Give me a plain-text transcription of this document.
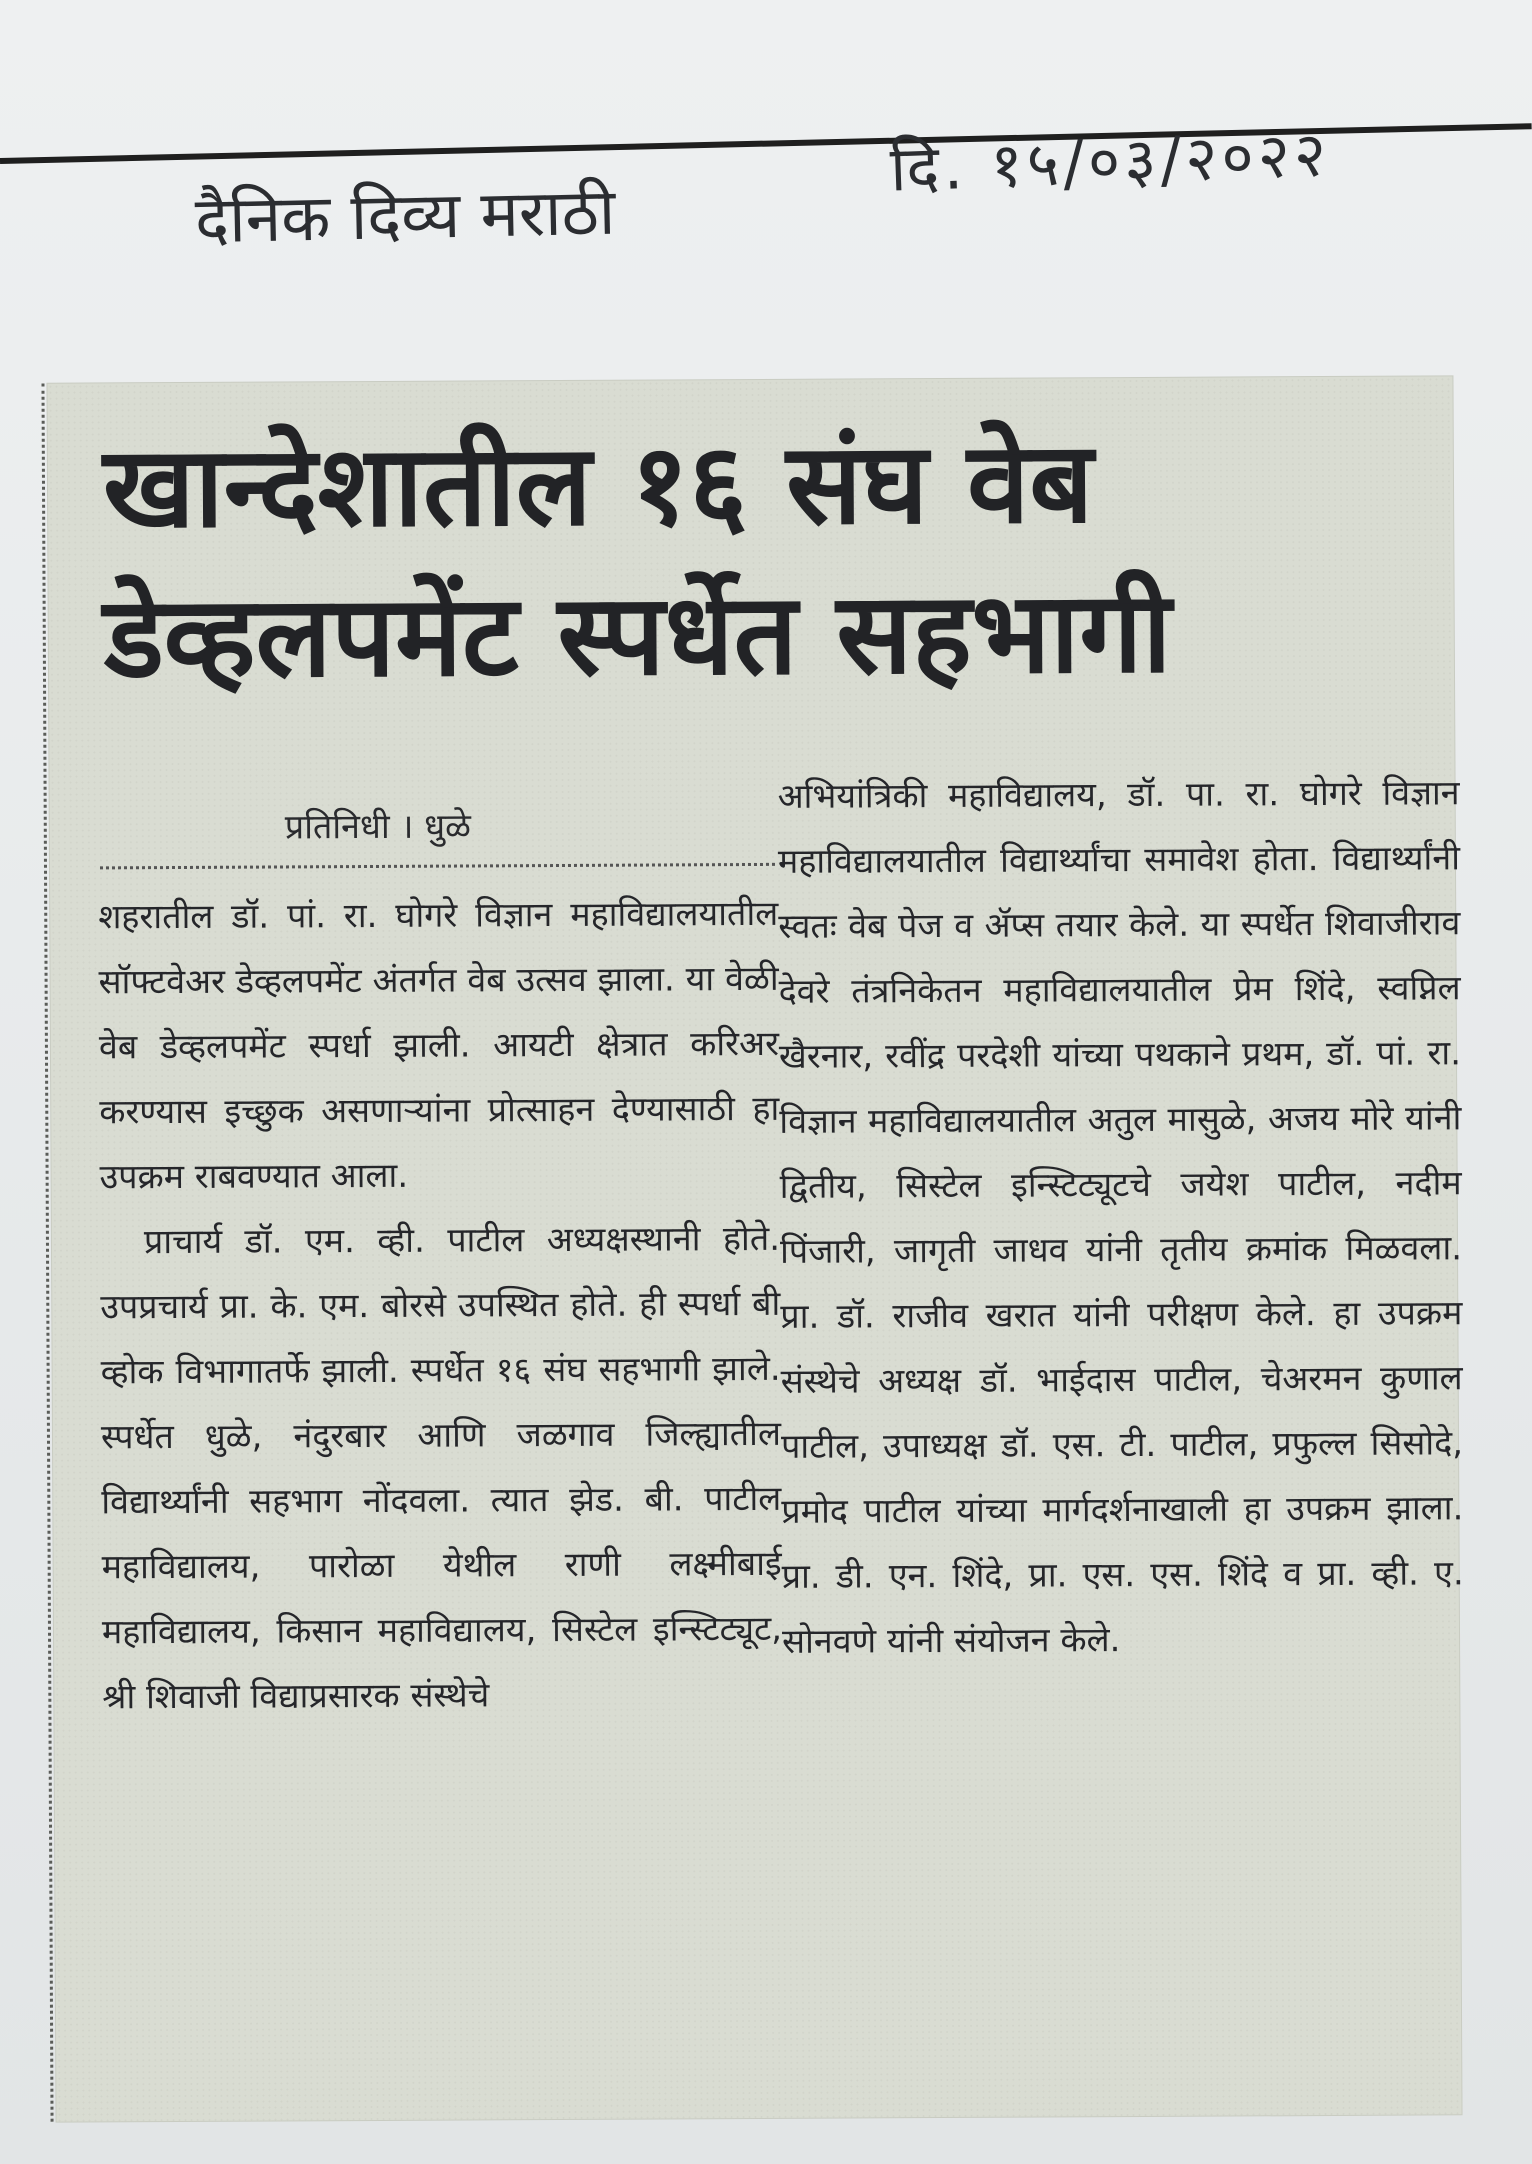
दैनिक दिव्य मराठी
दि. १५/०३/२०२२
खान्देशातील १६ संघ वेब
डेव्हलपमेंट स्पर्धेत सहभागी
प्रतिनिधी । धुळे

शहरातील डॉ. पां. रा. घोगरे विज्ञान महाविद्यालयातील सॉफ्टवेअर डेव्हलपमेंट अंतर्गत वेब उत्सव झाला. या वेळी वेब डेव्हलपमेंट स्पर्धा झाली. आयटी क्षेत्रात करिअर करण्यास इच्छुक असणाऱ्यांना प्रोत्साहन देण्यासाठी हा उपक्रम राबवण्यात आला.

प्राचार्य डॉ. एम. व्ही. पाटील अध्यक्षस्थानी होते. उपप्रचार्य प्रा. के. एम. बोरसे उपस्थित होते. ही स्पर्धा बी व्होक विभागातर्फे झाली. स्पर्धेत १६ संघ सहभागी झाले. स्पर्धेत धुळे, नंदुरबार आणि जळगाव जिल्ह्यातील विद्यार्थ्यांनी सहभाग नोंदवला. त्यात झेड. बी. पाटील महाविद्यालय, पारोळा येथील राणी लक्ष्मीबाई महाविद्यालय, किसान महाविद्यालय, सिस्टेल इन्स्टिट्यूट, श्री शिवाजी विद्याप्रसारक संस्थेचे

अभियांत्रिकी महाविद्यालय, डॉ. पा. रा. घोगरे विज्ञान महाविद्यालयातील विद्यार्थ्यांचा समावेश होता. विद्यार्थ्यांनी स्वतः वेब पेज व ॲप्स तयार केले. या स्पर्धेत शिवाजीराव देवरे तंत्रनिकेतन महाविद्यालयातील प्रेम शिंदे, स्वप्निल खैरनार, रवींद्र परदेशी यांच्या पथकाने प्रथम, डॉ. पां. रा. विज्ञान महाविद्यालयातील अतुल मासुळे, अजय मोरे यांनी द्वितीय, सिस्टेल इन्स्टिट्यूटचे जयेश पाटील, नदीम पिंजारी, जागृती जाधव यांनी तृतीय क्रमांक मिळवला. प्रा. डॉ. राजीव खरात यांनी परीक्षण केले. हा उपक्रम संस्थेचे अध्यक्ष डॉ. भाईदास पाटील, चेअरमन कुणाल पाटील, उपाध्यक्ष डॉ. एस. टी. पाटील, प्रफुल्ल सिसोदे, प्रमोद पाटील यांच्या मार्गदर्शनाखाली हा उपक्रम झाला. प्रा. डी. एन. शिंदे, प्रा. एस. एस. शिंदे व प्रा. व्ही. ए. सोनवणे यांनी संयोजन केले.
